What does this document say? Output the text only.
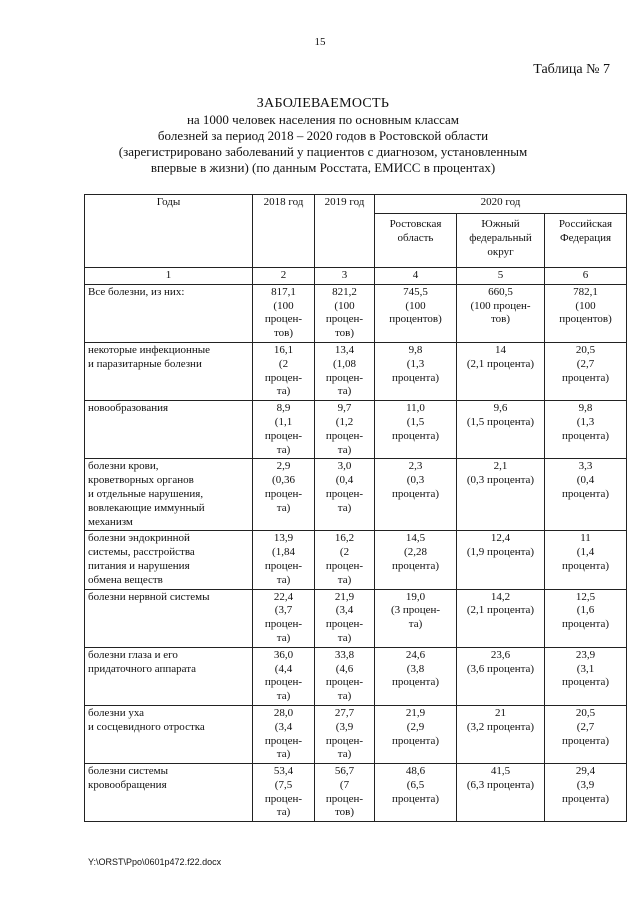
15
Таблица № 7
ЗАБОЛЕВАЕМОСТЬ
на 1000 человек населения по основным классам
болезней за период 2018 – 2020 годов в Ростовской области
(зарегистрировано заболеваний у пациентов с диагнозом, установленным
впервые в жизни) (по данным Росстата, ЕМИСС в процентах)
Годы	2018 год	2019 год	2020 год		

			Ростовская
область	Южный
федеральный
округ	Российская
Федерация

1	2	3	4	5	6

Все болезни, из них:	817,1
(100
процен-
тов)	821,2
(100
процен-
тов)	745,5
(100
процентов)	660,5
(100 процен-
тов)	782,1
(100
процентов)

некоторые инфекционные
и паразитарные болезни	16,1
(2
процен-
та)	13,4
(1,08
процен-
та)	9,8
(1,3
процента)	14
(2,1 процента)	20,5
(2,7
процента)

новообразования	8,9
(1,1
процен-
та)	9,7
(1,2
процен-
та)	11,0
(1,5
процента)	9,6
(1,5 процента)	9,8
(1,3
процента)

болезни крови,
кроветворных органов
и отдельные нарушения,
вовлекающие иммунный
механизм	2,9
(0,36
процен-
та)	3,0
(0,4
процен-
та)	2,3
(0,3
процента)	2,1
(0,3 процента)	3,3
(0,4
процента)

болезни эндокринной
системы, расстройства
питания и нарушения
обмена веществ	13,9
(1,84
процен-
та)	16,2
(2
процен-
та)	14,5
(2,28
процента)	12,4
(1,9 процента)	11
(1,4
процента)

болезни нервной системы	22,4
(3,7
процен-
та)	21,9
(3,4
процен-
та)	19,0
(3 процен-
та)	14,2
(2,1 процента)	12,5
(1,6
процента)

болезни глаза и его
придаточного аппарата	36,0
(4,4
процен-
та)	33,8
(4,6
процен-
та)	24,6
(3,8
процента)	23,6
(3,6 процента)	23,9
(3,1
процента)

болезни уха
и сосцевидного отростка	28,0
(3,4
процен-
та)	27,7
(3,9
процен-
та)	21,9
(2,9
процента)	21
(3,2 процента)	20,5
(2,7
процента)

болезни системы
кровообращения	53,4
(7,5
процен-
та)	56,7
(7
процен-
тов)	48,6
(6,5
процента)	41,5
(6,3 процента)	29,4
(3,9
процента)
Y:\ORST\Ppo\0601p472.f22.docx
